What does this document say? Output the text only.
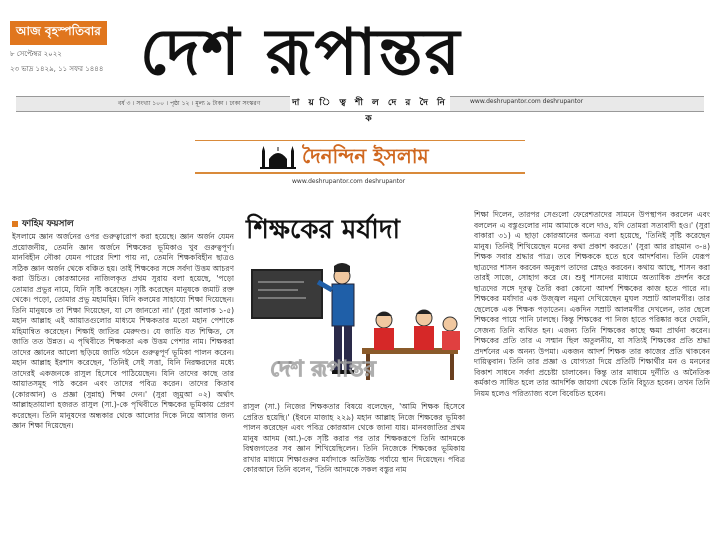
আজ বৃহস্পতিবার
৮ সেপ্টেম্বর ২০২২
২৩ ভাদ্র ১৪২৯, ১১ সফর ১৪৪৪ দেশ রূপান্তর
বর্ষ ৩ । সংখ্যা ১০০ । পৃষ্ঠা ১২ । মূল্য ৯ টাকা । ঢাকা সংস্করণ	দা য় ি ত্ব শী ল দে র দৈ নি ক
www.deshrupantor.com deshrupantor
দৈনন্দিন ইসলাম
www.deshrupantor.com deshrupantor
ফাহিম ফয়সাল
ইসলামে জ্ঞান অর্জনের ওপর গুরুত্বারোপ করা হয়েছে। জ্ঞান অর্জন যেমন প্রয়োজনীয়, তেমনি জ্ঞান অর্জনে শিক্ষকের ভূমিকাও খুব গুরুত্বপূর্ণ। মানবিহীন নৌকা যেমন পারের দিশা পায় না, তেমনি শিক্ষকবিহীন ছাত্রও সঠিক জ্ঞান অর্জন থেকে বঞ্চিত হয়। তাই শিক্ষকের সঙ্গে সর্বদা উত্তম আচরণ করা উচিত। কোরআনের নাজিলকৃত প্রথম সুরায় বলা হয়েছে, 'পড়ো তোমার প্রভুর নামে, যিনি সৃষ্টি করেছেন। সৃষ্টি করেছেন মানুষকে জমাট রক্ত থেকে। পড়ো, তোমার প্রভু মহামহিম। যিনি কলমের সাহায্যে শিক্ষা দিয়েছেন। তিনি মানুষকে তা শিক্ষা দিয়েছেন, যা সে জানতো না।' (সুরা আলাক ১-৫) মহান আল্লাহ এই আয়াতগুলোর মাধ্যমে শিক্ষকতার মতো মহান পেশাকে মহিমান্বিত করেছেন। শিক্ষাই জাতির মেরুদণ্ড। যে জাতি যত শিক্ষিত, সে জাতি তত উন্নত। এ পৃথিবীতে শিক্ষকতা এক উত্তম পেশার নাম। শিক্ষকরা তাদের জ্ঞানের আলো ছড়িয়ে জাতি গঠনে গুরুত্বপূর্ণ ভূমিকা পালন করেন। মহান আল্লাহ ইরশাদ করেছেন, 'তিনিই সেই সত্তা, যিনি নিরক্ষরদের মধ্যে তাদেরই একজনকে রাসুল হিসেবে পাঠিয়েছেন। যিনি তাদের কাছে তার আয়াতসমূহ পাঠ করেন এবং তাদের পবিত্র করেন। তাদের কিতাব (কোরআন) ও প্রজ্ঞা (সুন্নাহ) শিক্ষা দেন।' (সুরা জুমুআ ০২) অর্থাৎ আল্লাহতায়ালা হজরত রাসুল (সা.)-কে পৃথিবীতে শিক্ষকের ভূমিকায় প্রেরণ করেছেন। তিনি মানুষদের অন্ধকার থেকে আলোর দিকে নিয়ে আসার জন্য জ্ঞান শিক্ষা দিয়েছেন।
শিক্ষকের মর্যাদা
দেশ রূপান্তর
রাসুল (সা.) নিজের শিক্ষকতার বিষয়ে বলেছেন, 'আমি শিক্ষক হিসেবে প্রেরিত হয়েছি।' (ইবনে মাজাহ ২২৯) মহান আল্লাহ নিজে শিক্ষকের ভূমিকা পালন করেছেন এবং পবিত্র কোরআন থেকে জানা যায়। মানবজাতির প্রথম মানুষ আদম (আ.)-কে সৃষ্টি করার পর তার শিক্ষকরূপে তিনি আদমকে বিশ্বজগতের সব জ্ঞান শিখিয়েছিলেন। তিনি নিজেকে শিক্ষকের ভূমিকায় রাখার মাধ্যমে শিক্ষাগুরুর মর্যাদাকে অতিউচ্চ পর্যায়ে স্থান দিয়েছেন। পবিত্র কোরআনে তিনি বলেন, 'তিনি আদমকে সকল বস্তুর নাম
শিক্ষা দিলেন, তারপর সেগুলো ফেরেশতাদের সামনে উপস্থাপন করলেন এবং বললেন এ বস্তুগুলোর নাম আমাকে বলে দাও, যদি তোমরা সত্যবাদী হও।' (সুরা বাকারা ৩১) এ ছাড়া কোরআনের অন্যত্র বলা হয়েছে, 'তিনিই সৃষ্টি করেছেন মানুষ। তিনিই শিখিয়েছেন মনের কথা প্রকাশ করতে।' (সুরা আর রাহমান ৩-৪) শিক্ষক সবার শ্রদ্ধার পাত্র। তবে শিক্ষককে হতে হবে আদর্শবান। তিনি যেরূপ ছাত্রদের শাসন করবেন অনুরূপ তাদের স্নেহও করবেন। কথায় আছে, শাসন করা তারই সাজে, সোহাগ করে যে। শুধু শাসনের মাধ্যমে অত্যাধিক প্রদর্শন করে ছাত্রদের সঙ্গে দূরত্ব তৈরি করা কোনো আদর্শ শিক্ষকের কাজ হতে পারে না। শিক্ষকের মর্যাদার এক উজ্জ্বল নমুনা দেখিয়েছেন মুঘল সম্রাট আলমগীর। তার ছেলেকে এক শিক্ষক পড়াতেন। একদিন সম্রাট আলমগীর দেখলেন, তার ছেলে শিক্ষকের পায়ে পানি ঢালছে। কিন্তু শিক্ষকের পা নিজ হাতে পরিষ্কার করে দেয়নি, সেজন্য তিনি ব্যথিত হন। এজন্য তিনি শিক্ষকের কাছে ক্ষমা প্রার্থনা করেন। শিক্ষকের প্রতি তার এ সম্মান ছিল অতুলনীয়, যা সত্যিই শিক্ষকের প্রতি শ্রদ্ধা প্রদর্শনের এক অনন্য উপমা। একজন আদর্শ শিক্ষক তার কাজের প্রতি থাকবেন দায়িত্ববান। তিনি তার প্রজ্ঞা ও যোগ্যতা দিয়ে প্রতিটি শিক্ষার্থীর মন ও মননের বিকাশ সাধনে সর্বদা প্রচেষ্টা চালাবেন। কিন্তু তার মাধ্যমে দুর্নীতি ও অনৈতিক কর্মকাণ্ড সাধিত হলে তার আদর্শিক জায়গা থেকে তিনি বিচ্যুত হবেন। তখন তিনি নিয়ম হলেও পরিত্যাজ্য বলে বিবেচিত হবেন।
